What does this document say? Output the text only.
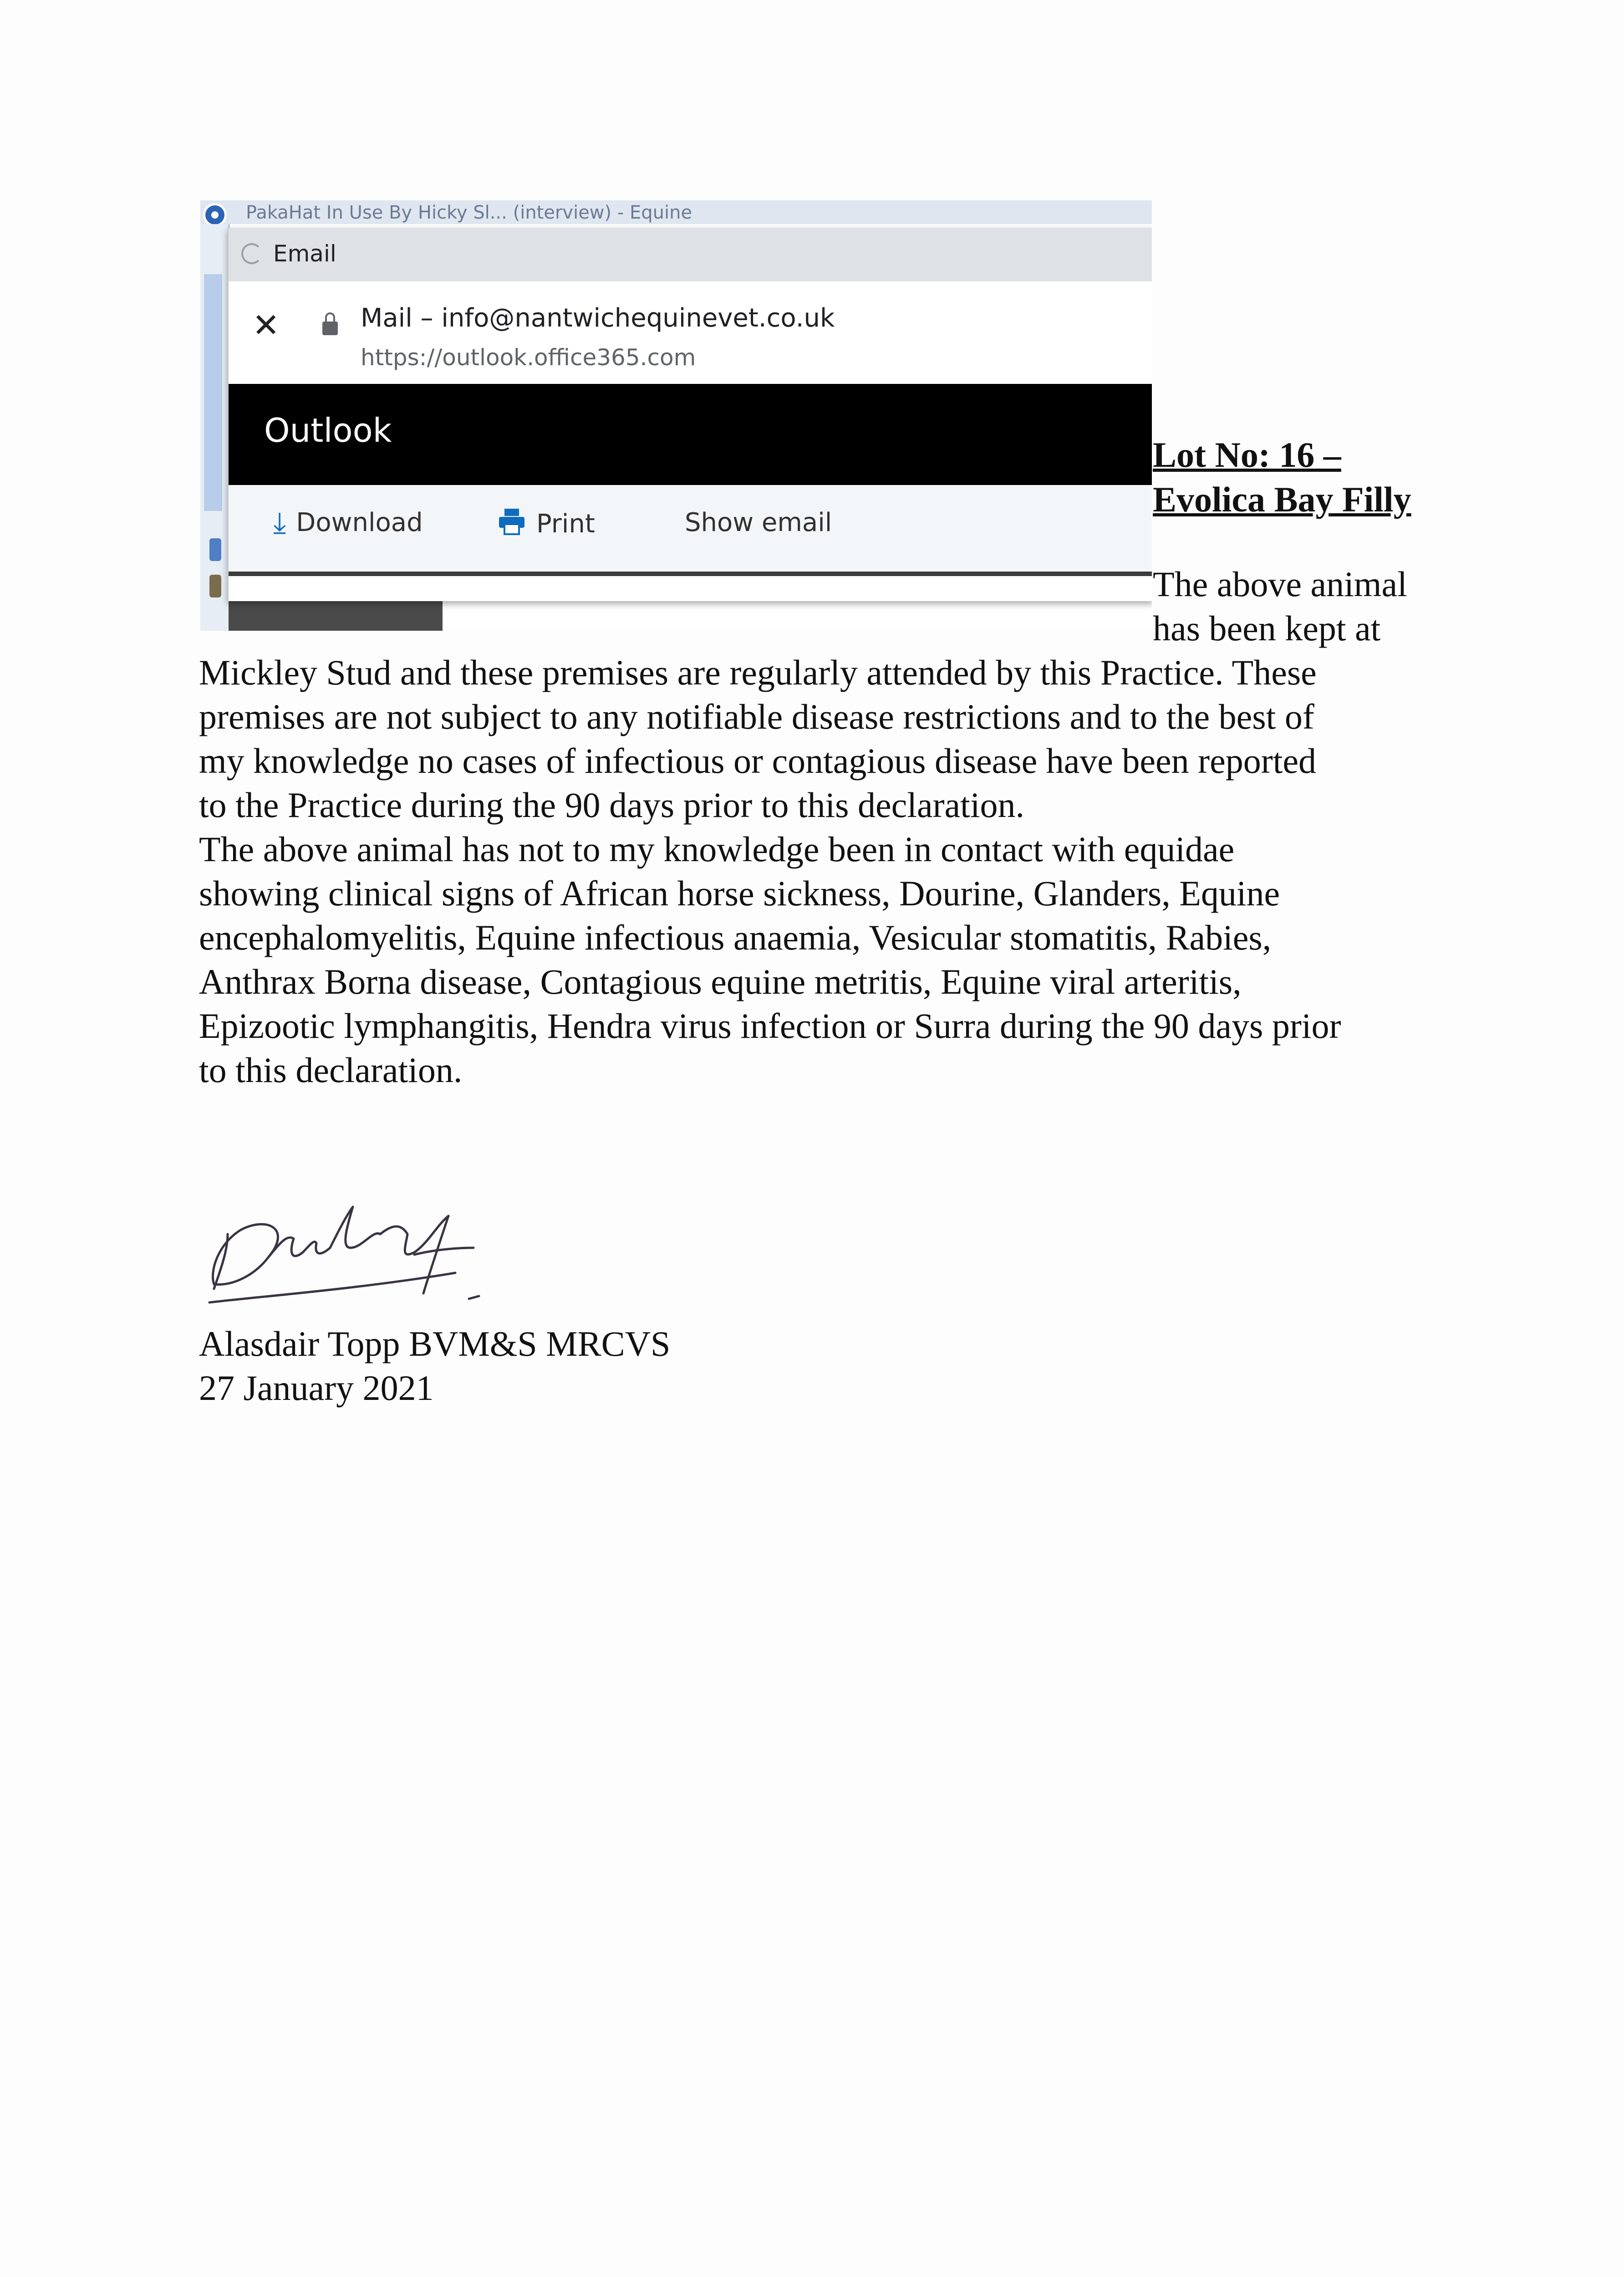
PakaHat In Use By Hicky Sl... (interview) - Equine
Email
✕	Mail – info@nantwichequinevet.co.uk
https://outlook.office365.com
Outlook
⤓ Download	Print	Show email
Lot No: 16 –
Evolica Bay Filly
The above animal
has been kept at
Mickley Stud and these premises are regularly attended by this Practice. These
premises are not subject to any notifiable disease restrictions and to the best of
my knowledge no cases of infectious or contagious disease have been reported
to the Practice during the 90 days prior to this declaration.
The above animal has not to my knowledge been in contact with equidae
showing clinical signs of African horse sickness, Dourine, Glanders, Equine
encephalomyelitis, Equine infectious anaemia, Vesicular stomatitis, Rabies,
Anthrax Borna disease, Contagious equine metritis, Equine viral arteritis,
Epizootic lymphangitis, Hendra virus infection or Surra during the 90 days prior
to this declaration.
Alasdair Topp BVM&S MRCVS
27 January 2021
